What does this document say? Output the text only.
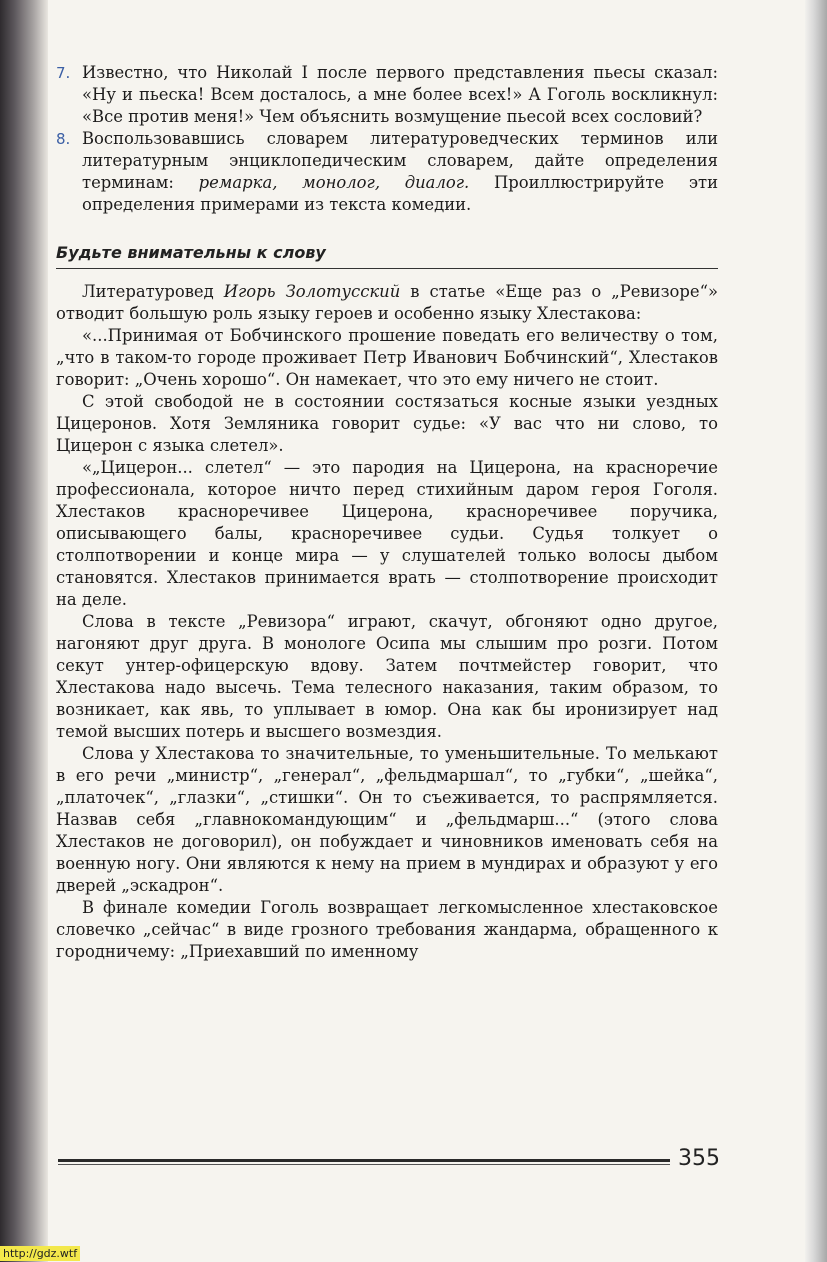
7. Известно, что Николай I после первого представления пьесы сказал: «Ну и пьеска! Всем досталось, а мне более всех!» А Гоголь воскликнул: «Все против меня!» Чем объяснить возмущение пьесой всех сословий?
8. Воспользовавшись словарем литературоведческих терминов или литературным энциклопедическим словарем, дайте определения терминам: ремарка, монолог, диалог. Проиллюстрируйте эти определения примерами из текста комедии.
Будьте внимательны к слову

Литературовед Игорь Золотусский в статье «Еще раз о „Ревизоре“» отводит большую роль языку героев и особенно языку Хлестакова:

«...Принимая от Бобчинского прошение поведать его величеству о том, „что в таком-то городе проживает Петр Иванович Бобчинский“, Хлестаков говорит: „Очень хорошо“. Он намекает, что это ему ничего не стоит.

С этой свободой не в состоянии состязаться косные языки уездных Цицеронов. Хотя Земляника говорит судье: «У вас что ни слово, то Цицерон с языка слетел».

«„Цицерон... слетел“ — это пародия на Цицерона, на красноречие профессионала, которое ничто перед стихийным даром героя Гоголя. Хлестаков красноречивее Цицерона, красноречивее поручика, описывающего балы, красноречивее судьи. Судья толкует о столпотворении и конце мира — у слушателей только волосы дыбом становятся. Хлестаков принимается врать — столпотворение происходит на деле.

Слова в тексте „Ревизора“ играют, скачут, обгоняют одно другое, нагоняют друг друга. В монологе Осипа мы слышим про розги. Потом секут унтер-офицерскую вдову. Затем почтмейстер говорит, что Хлестакова надо высечь. Тема телесного наказания, таким образом, то возникает, как явь, то уплывает в юмор. Она как бы иронизирует над темой высших потерь и высшего возмездия.

Слова у Хлестакова то значительные, то уменьшительные. То мелькают в его речи „министр“, „генерал“, „фельдмаршал“, то „губки“, „шейка“, „платочек“, „глазки“, „стишки“. Он то съеживается, то распрямляется. Назвав себя „главнокомандующим“ и „фельдмарш...“ (этого слова Хлестаков не договорил), он побуждает и чиновников именовать себя на военную ногу. Они являются к нему на прием в мундирах и образуют у его дверей „эскадрон“.

В финале комедии Гоголь возвращает легкомысленное хлестаковское словечко „сейчас“ в виде грозного требования жандарма, обращенного к городничему: „Приехавший по именному

355
http://gdz.wtf
